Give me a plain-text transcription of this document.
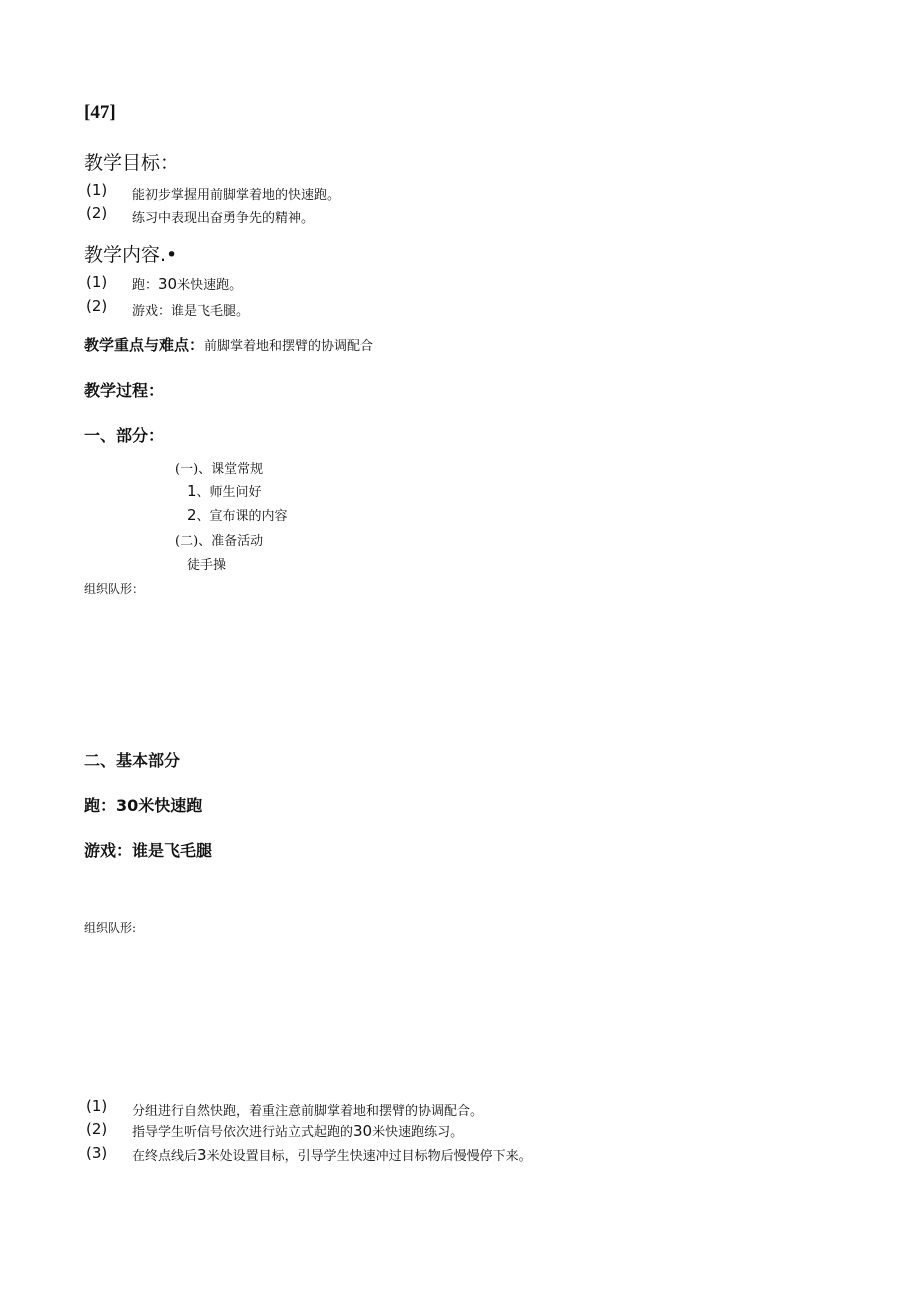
[47]
教学目标：
(1) 能初步掌握用前脚掌着地的快速跑。
(2) 练习中表现出奋勇争先的精神。
教学内容.•
(1) 跑：30米快速跑。
(2) 游戏：谁是飞毛腿。
教学重点与难点：前脚掌着地和摆臂的协调配合
教学过程：
一、部分：
(一)、课堂常规
1、师生问好
2、宣布课的内容
(二)、准备活动
徒手操
组织队形：
二、基本部分
跑：30米快速跑
游戏：谁是飞毛腿
组织队形:
(1) 分组进行自然快跑，着重注意前脚掌着地和摆臂的协调配合。
(2) 指导学生听信号依次进行站立式起跑的30米快速跑练习。
(3) 在终点线后3米处设置目标，引导学生快速冲过目标物后慢慢停下来。
